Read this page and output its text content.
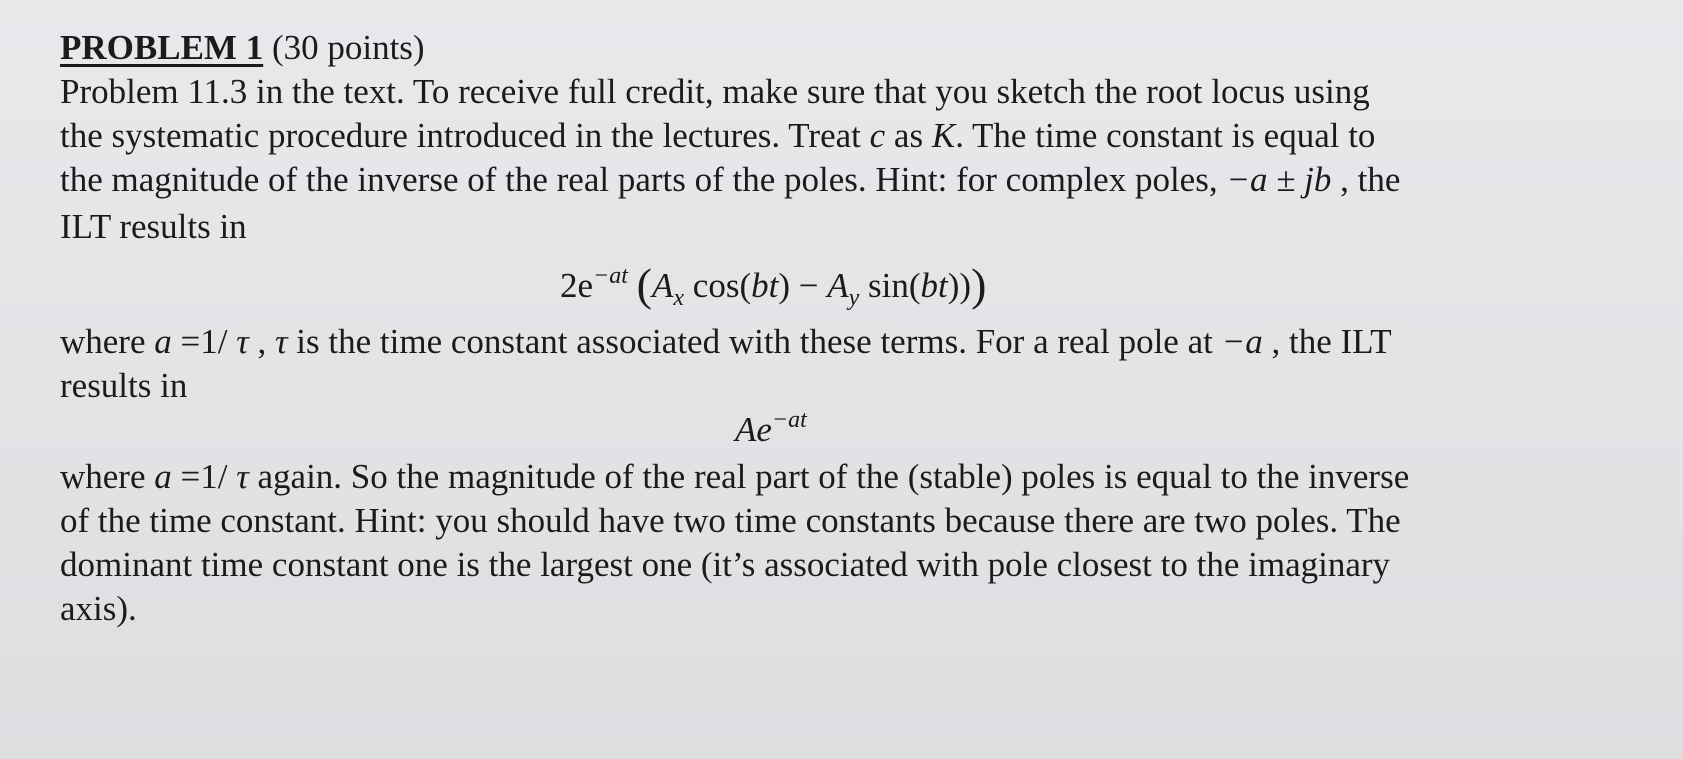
PROBLEM 1 (30 points)
Problem 11.3 in the text. To receive full credit, make sure that you sketch the root locus using
the systematic procedure introduced in the lectures. Treat c as K. The time constant is equal to
the magnitude of the inverse of the real parts of the poles. Hint: for complex poles, −a ± jb , the
ILT results in
$2e^{-at}$ ($A_x$ $\cos(bt) - A_y$ sin(bt)))
where a =1/ τ , τ is the time constant associated with these terms. For a real pole at −a , the ILT
results in
$Ae^{-at}$
where a =1/ τ again. So the magnitude of the real part of the (stable) poles is equal to the inverse
of the time constant. Hint: you should have two time constants because there are two poles. The
dominant time constant one is the largest one (it’s associated with pole closest to the imaginary
axis).
